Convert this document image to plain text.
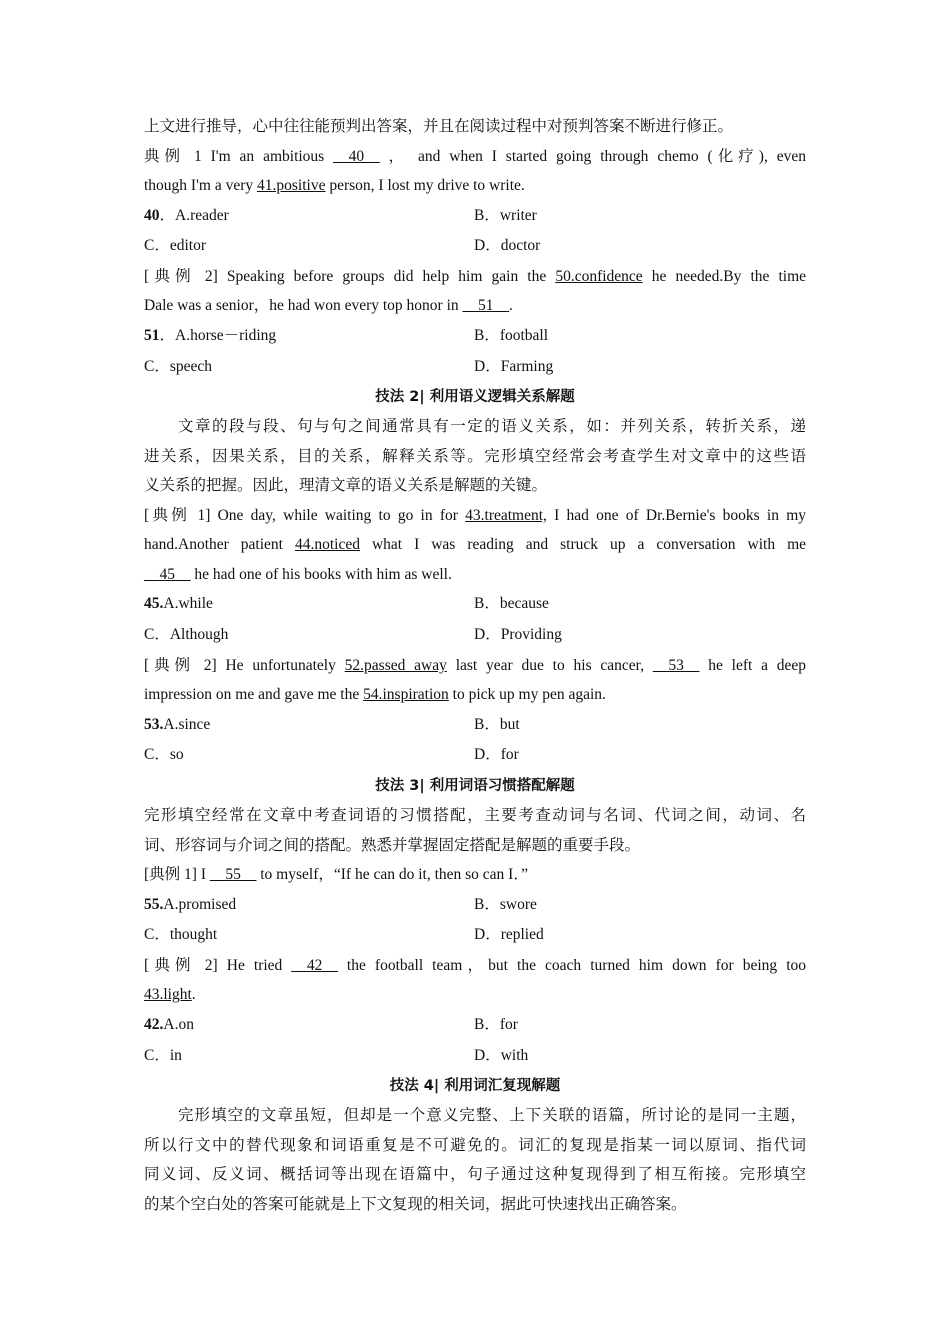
上文进行推导，心中往往能预判出答案，并且在阅读过程中对预判答案不断进行修正。
典例 1 I'm an ambitious __40__ ， and when I started going through chemo (化疗), even
though I'm a very 41.positive person, I lost my drive to write.
40．A.reader	B．writer
C．editor	D．doctor
[典例 2] Speaking before groups did help him gain the 50.confidence he needed.By the time
Dale was a senior，he had won every top honor in __51__.
51．A.horse－riding	B．football
C．speech	D．Farming
技法 2| 利用语义逻辑关系解题
文章的段与段、句与句之间通常具有一定的语义关系，如：并列关系，转折关系，递
进关系，因果关系，目的关系，解释关系等。完形填空经常会考查学生对文章中的这些语
义关系的把握。因此，理清文章的语义关系是解题的关键。
[典例 1] One day, while waiting to go in for 43.treatment, I had one of Dr.Bernie's books in my
hand.Another patient 44.noticed what I was reading and struck up a conversation with me
__45__ he had one of his books with him as well.
45.A.while	B．because
C．Although	D．Providing
[典例 2] He unfortunately 52.passed away last year due to his cancer, __53__ he left a deep
impression on me and gave me the 54.inspiration to pick up my pen again.
53.A.since	B．but
C．so	D．for
技法 3| 利用词语习惯搭配解题
完形填空经常在文章中考查词语的习惯搭配，主要考查动词与名词、代词之间，动词、名
词、形容词与介词之间的搭配。熟悉并掌握固定搭配是解题的重要手段。
[典例 1] I __55__ to myself，“If he can do it, then so can I．”
55.A.promised	B．swore
C．thought	D．replied
[典例 2] He tried __42__ the football team，but the coach turned him down for being too
43.light.
42.A.on	B．for
C．in	D．with
技法 4| 利用词汇复现解题
完形填空的文章虽短，但却是一个意义完整、上下关联的语篇，所讨论的是同一主题，
所以行文中的替代现象和词语重复是不可避免的。词汇的复现是指某一词以原词、指代词
同义词、反义词、概括词等出现在语篇中，句子通过这种复现得到了相互衔接。完形填空
的某个空白处的答案可能就是上下文复现的相关词，据此可快速找出正确答案。
